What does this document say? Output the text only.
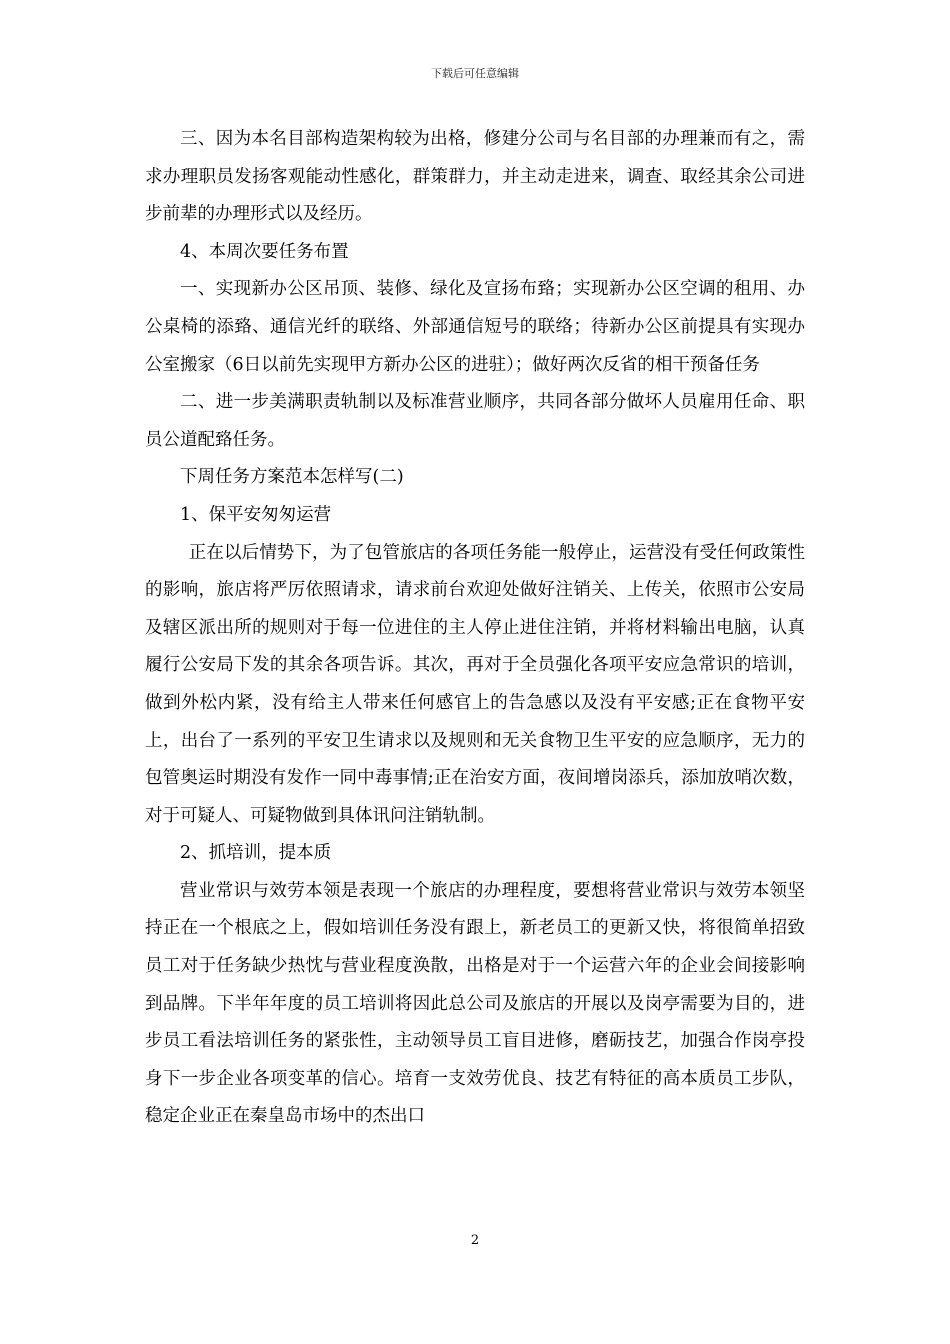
下载后可任意编辑

三、因为本名目部构造架构较为出格，修建分公司与名目部的办理兼而有之，需求办理职员发扬客观能动性感化，群策群力，并主动走进来，调查、取经其余公司进步前辈的办理形式以及经历。

4、本周次要任务布置

一、实现新办公区吊顶、装修、绿化及宣扬布臵；实现新办公区空调的租用、办公桌椅的添臵、通信光纤的联络、外部通信短号的联络；待新办公区前提具有实现办公室搬家（6日以前先实现甲方新办公区的进驻）；做好两次反省的相干预备任务

二、进一步美满职责轨制以及标准营业顺序，共同各部分做坏人员雇用任命、职员公道配臵任务。

下周任务方案范本怎样写(二)

1、保平安匆匆运营

正在以后情势下，为了包管旅店的各项任务能一般停止，运营没有受任何政策性的影响，旅店将严厉依照请求，请求前台欢迎处做好注销关、上传关，依照市公安局及辖区派出所的规则对于每一位进住的主人停止进住注销，并将材料输出电脑，认真履行公安局下发的其余各项告诉。其次，再对于全员强化各项平安应急常识的培训，做到外松内紧，没有给主人带来任何感官上的告急感以及没有平安感;正在食物平安上，出台了一系列的平安卫生请求以及规则和无关食物卫生平安的应急顺序，无力的包管奥运时期没有发作一同中毒事情;正在治安方面，夜间增岗添兵，添加放哨次数，对于可疑人、可疑物做到具体讯问注销轨制。

2、抓培训，提本质

营业常识与效劳本领是表现一个旅店的办理程度，要想将营业常识与效劳本领坚持正在一个根底之上，假如培训任务没有跟上，新老员工的更新又快，将很简单招致员工对于任务缺少热忱与营业程度涣散，出格是对于一个运营六年的企业会间接影响到品牌。下半年年度的员工培训将因此总公司及旅店的开展以及岗亭需要为目的，进步员工看法培训任务的紧张性，主动领导员工盲目进修，磨砺技艺，加强合作岗亭投身下一步企业各项变革的信心。培育一支效劳优良、技艺有特征的高本质员工步队，稳定企业正在秦皇岛市场中的杰出口

2
